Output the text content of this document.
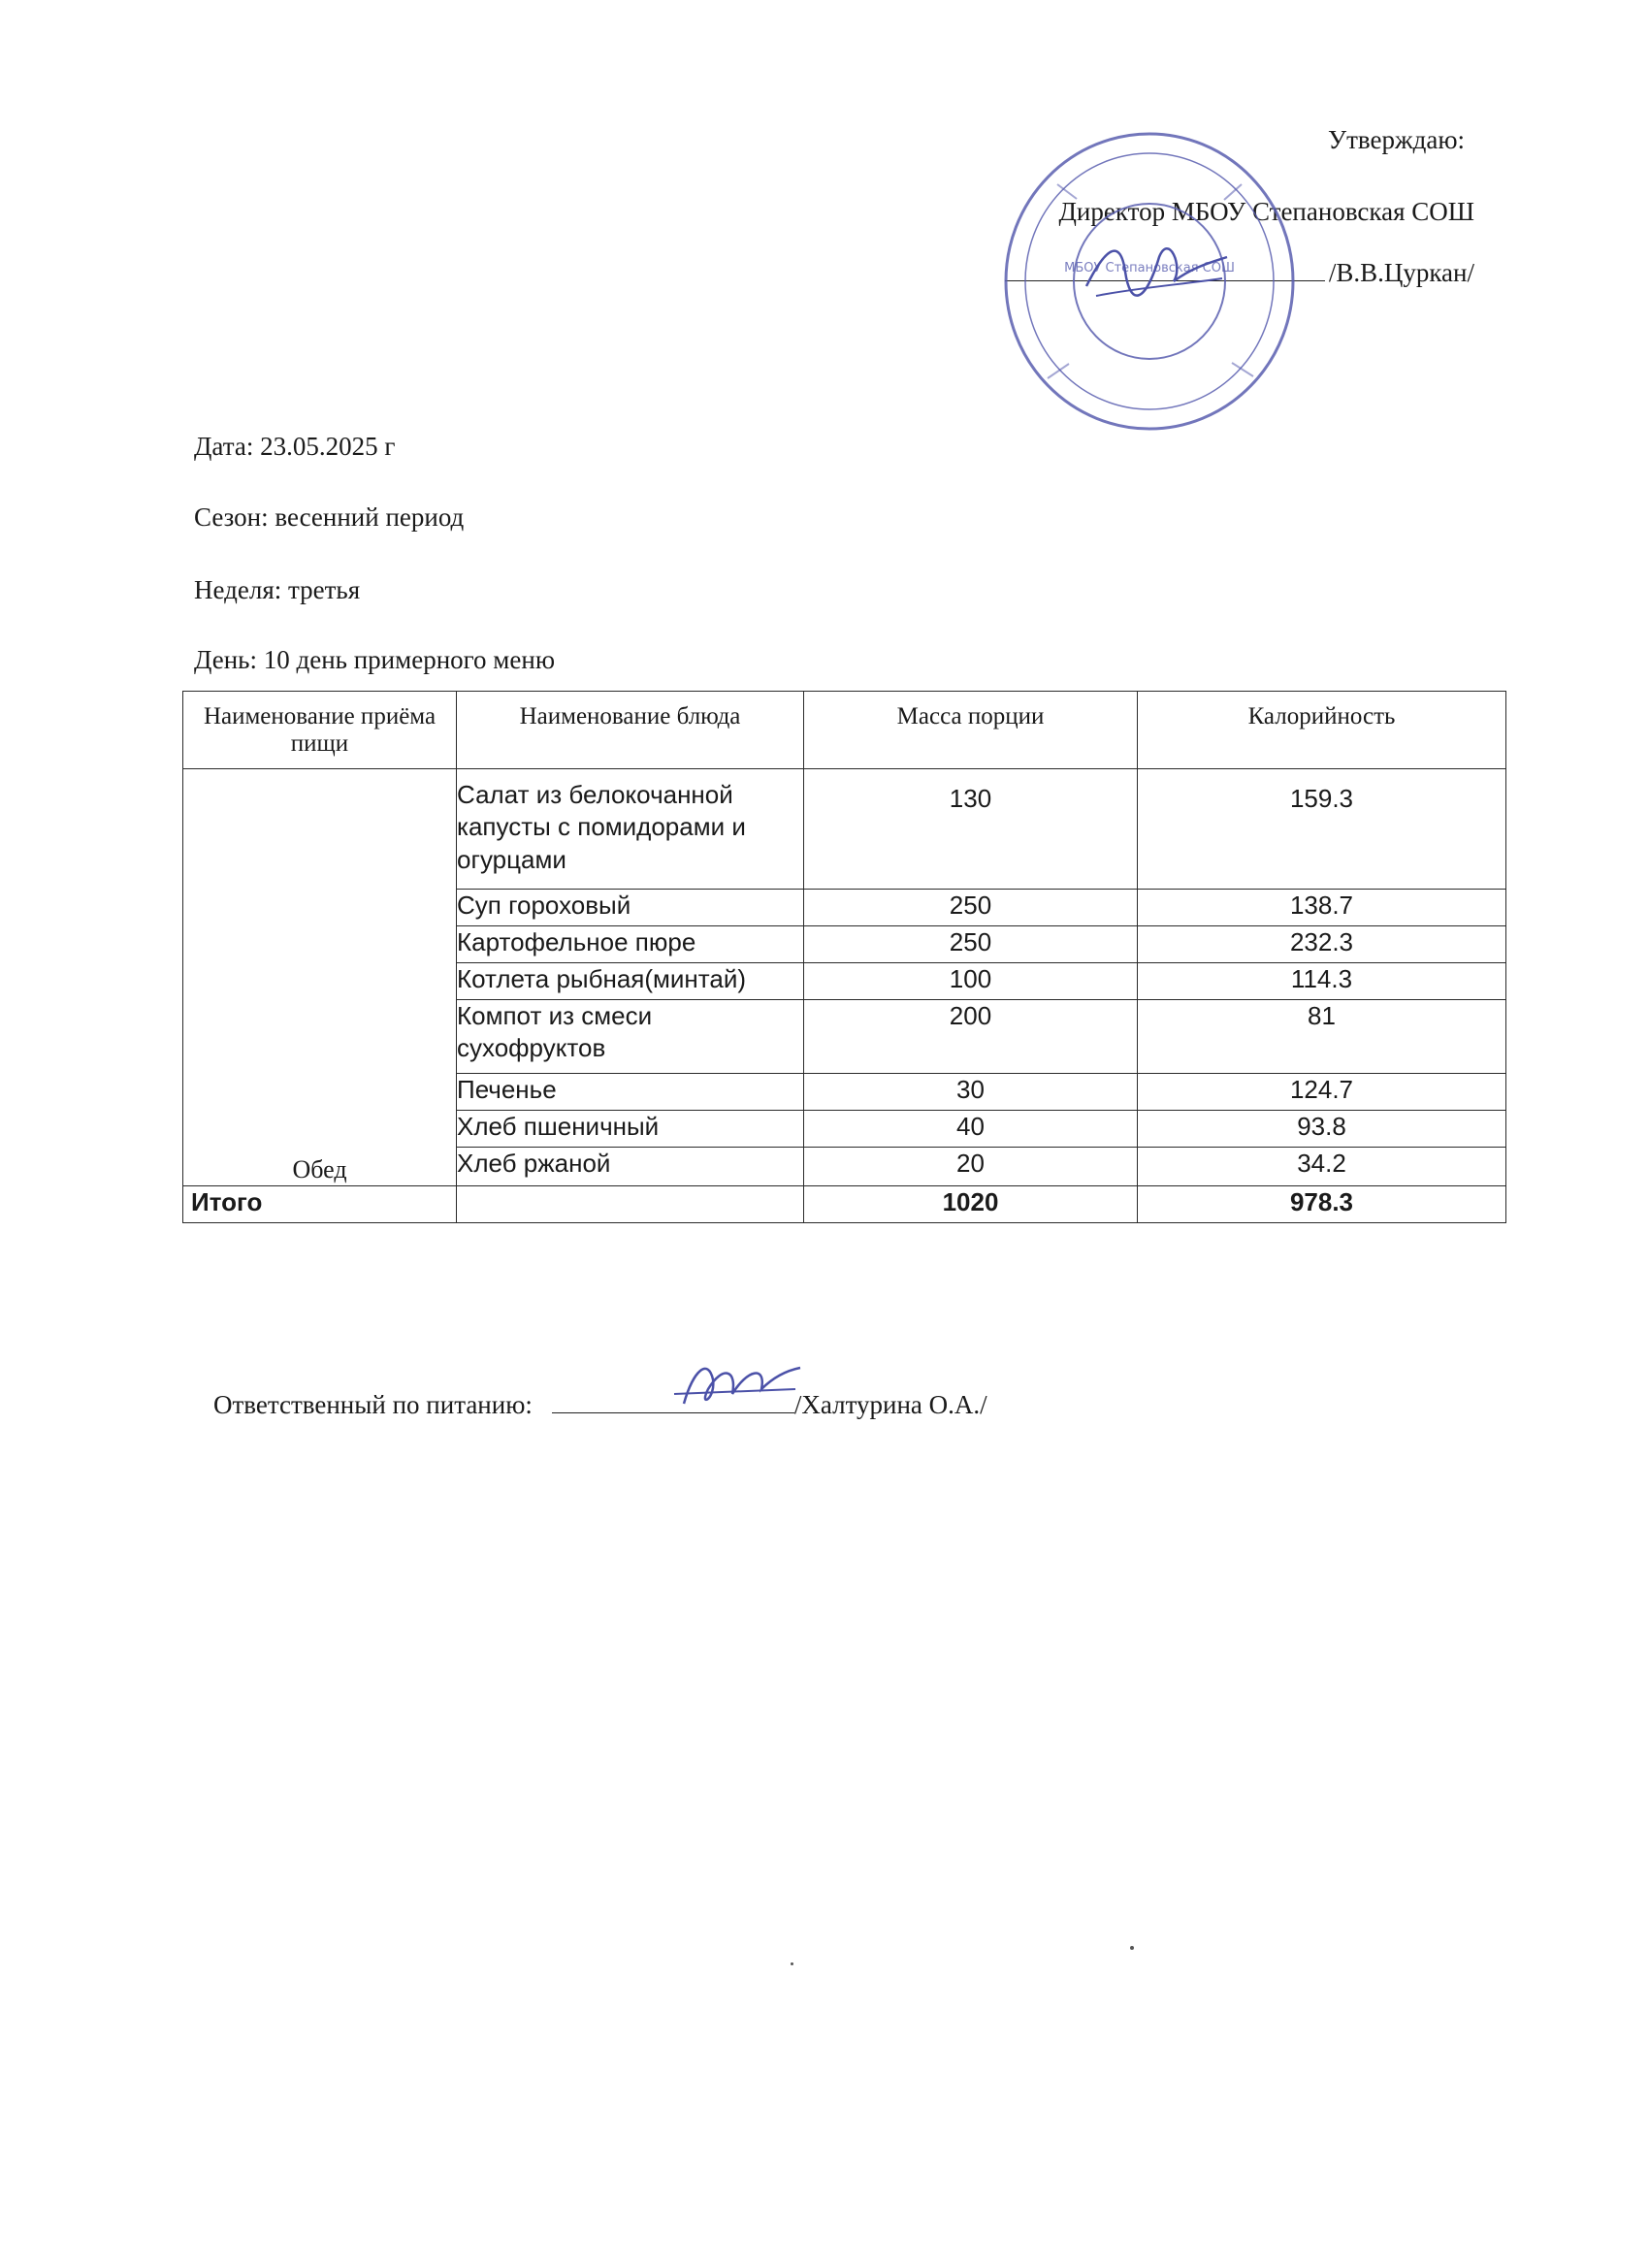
Утверждаю:
Директор МБОУ Степановская СОШ
/В.В.Цуркан/
МБОУ Степановская СОШ
Дата: 23.05.2025 г
Сезон: весенний период
Неделя: третья
День: 10 день примерного меню
Наименование приёма пищи	Наименование блюда	Масса порции	Калорийность
Обед	Салат из белокочанной капусты с помидорами и огурцами	130	159.3
	Суп гороховый	250	138.7
	Картофельное пюре	250	232.3
	Котлета рыбная(минтай)	100	114.3
	Компот из смеси сухофруктов	200	81
	Печенье	30	124.7
	Хлеб пшеничный	40	93.8
	Хлеб ржаной	20	34.2
Итого		1020	978.3
Ответственный по питанию:	/Халтурина О.А./
